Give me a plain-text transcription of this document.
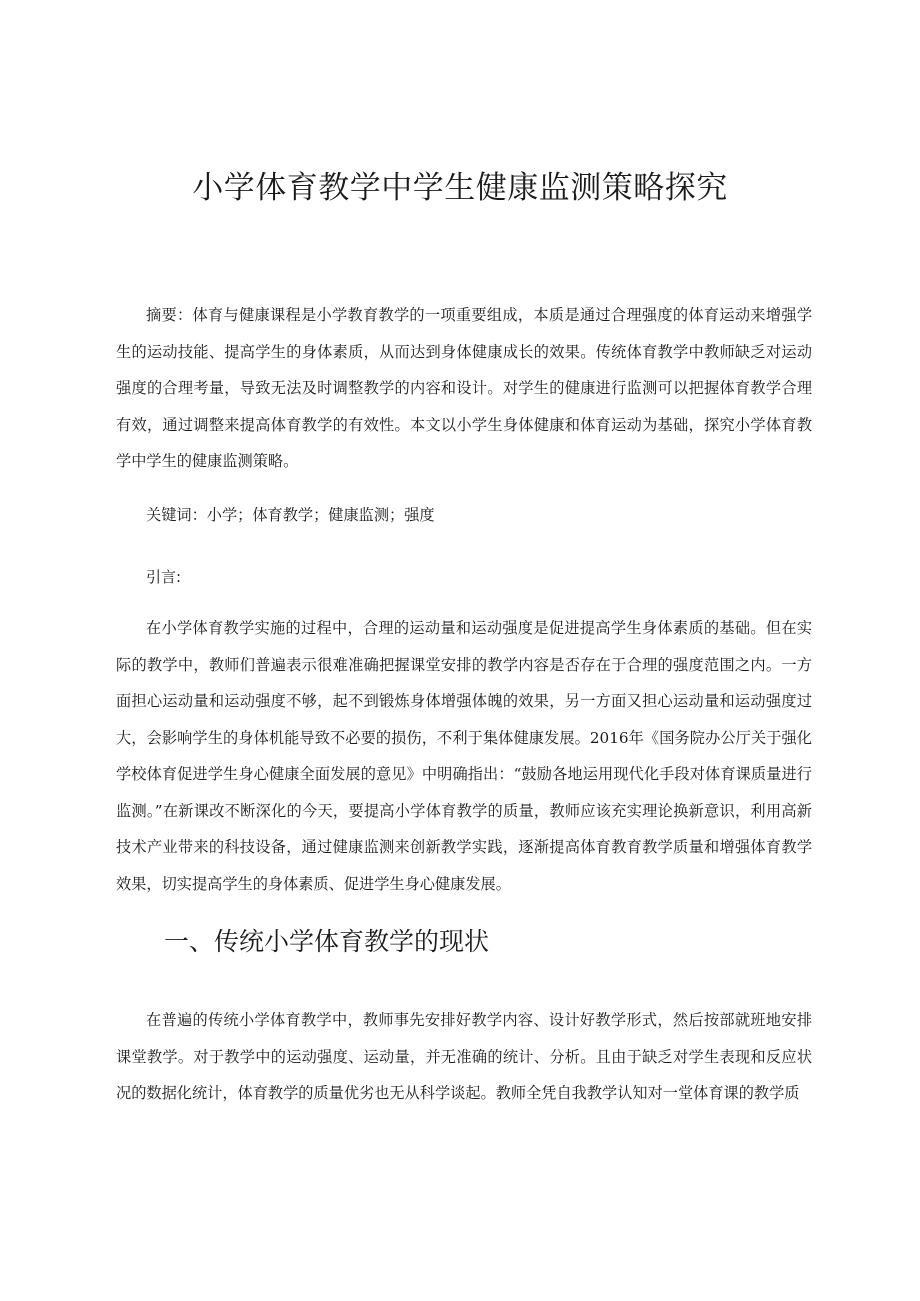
小学体育教学中学生健康监测策略探究

摘要：体育与健康课程是小学教育教学的一项重要组成，本质是通过合理强度的体育运动来增强学生的运动技能、提高学生的身体素质，从而达到身体健康成长的效果。传统体育教学中教师缺乏对运动强度的合理考量，导致无法及时调整教学的内容和设计。对学生的健康进行监测可以把握体育教学合理有效，通过调整来提高体育教学的有效性。本文以小学生身体健康和体育运动为基础，探究小学体育教学中学生的健康监测策略。

关键词：小学；体育教学；健康监测；强度

引言:

在小学体育教学实施的过程中，合理的运动量和运动强度是促进提高学生身体素质的基础。但在实际的教学中，教师们普遍表示很难准确把握课堂安排的教学内容是否存在于合理的强度范围之内。一方面担心运动量和运动强度不够，起不到锻炼身体增强体魄的效果，另一方面又担心运动量和运动强度过大，会影响学生的身体机能导致不必要的损伤，不利于集体健康发展。2016年《国务院办公厅关于强化学校体育促进学生身心健康全面发展的意见》中明确指出：“鼓励各地运用现代化手段对体育课质量进行监测。”在新课改不断深化的今天，要提高小学体育教学的质量，教师应该充实理论换新意识，利用高新技术产业带来的科技设备，通过健康监测来创新教学实践，逐渐提高体育教育教学质量和增强体育教学效果，切实提高学生的身体素质、促进学生身心健康发展。

一、传统小学体育教学的现状

在普遍的传统小学体育教学中，教师事先安排好教学内容、设计好教学形式，然后按部就班地安排课堂教学。对于教学中的运动强度、运动量，并无准确的统计、分析。且由于缺乏对学生表现和反应状况的数据化统计，体育教学的质量优劣也无从科学谈起。教师全凭自我教学认知对一堂体育课的教学质
